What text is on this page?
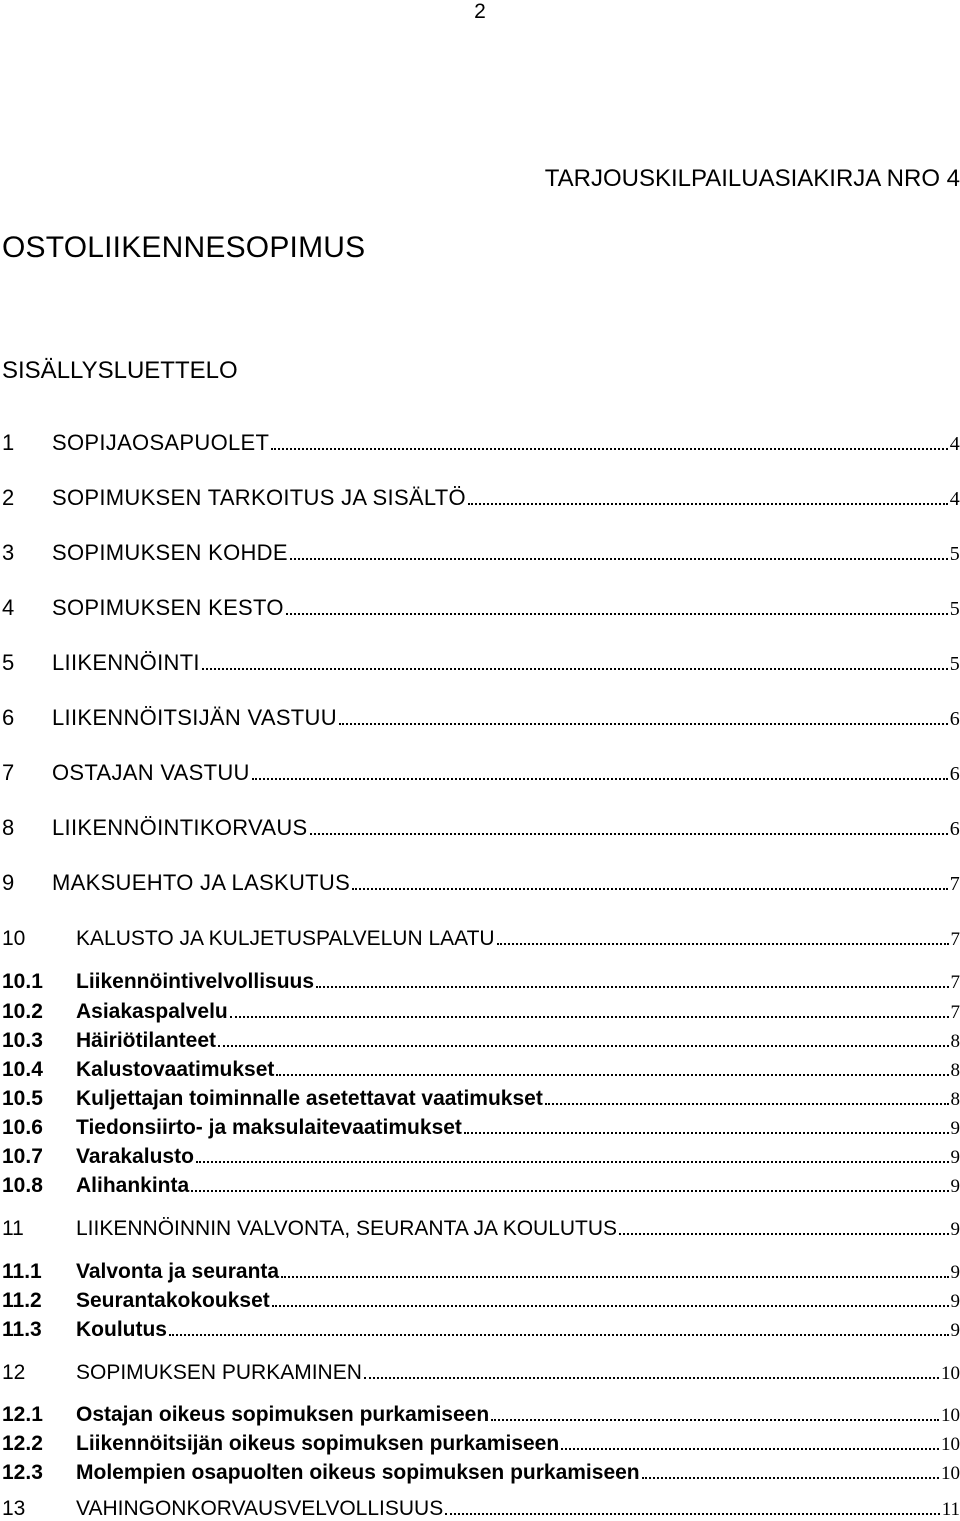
2
TARJOUSKILPAILUASIAKIRJA NRO 4
OSTOLIIKENNESOPIMUS
SISÄLLYSLUETTELO
1	SOPIJAOSAPUOLET	4
2	SOPIMUKSEN TARKOITUS JA SISÄLTÖ	4
3	SOPIMUKSEN KOHDE	5
4	SOPIMUKSEN KESTO	5
5	LIIKENNÖINTI	5
6	LIIKENNÖITSIJÄN VASTUU	6
7	OSTAJAN VASTUU	6
8	LIIKENNÖINTIKORVAUS	6
9	MAKSUEHTO JA LASKUTUS	7
10	KALUSTO JA KULJETUSPALVELUN LAATU	7
10.1	Liikennöintivelvollisuus	7
10.2	Asiakaspalvelu	7
10.3	Häiriötilanteet	8
10.4	Kalustovaatimukset	8
10.5	Kuljettajan toiminnalle asetettavat vaatimukset	8
10.6	Tiedonsiirto- ja maksulaitevaatimukset	9
10.7	Varakalusto	9
10.8	Alihankinta	9
11	LIIKENNÖINNIN VALVONTA, SEURANTA JA KOULUTUS	9
11.1	Valvonta ja seuranta	9
11.2	Seurantakokoukset	9
11.3	Koulutus	9
12	SOPIMUKSEN PURKAMINEN	10
12.1	Ostajan oikeus sopimuksen purkamiseen	10
12.2	Liikennöitsijän oikeus sopimuksen purkamiseen	10
12.3	Molempien osapuolten oikeus sopimuksen purkamiseen	10
13	VAHINGONKORVAUSVELVOLLISUUS	11
